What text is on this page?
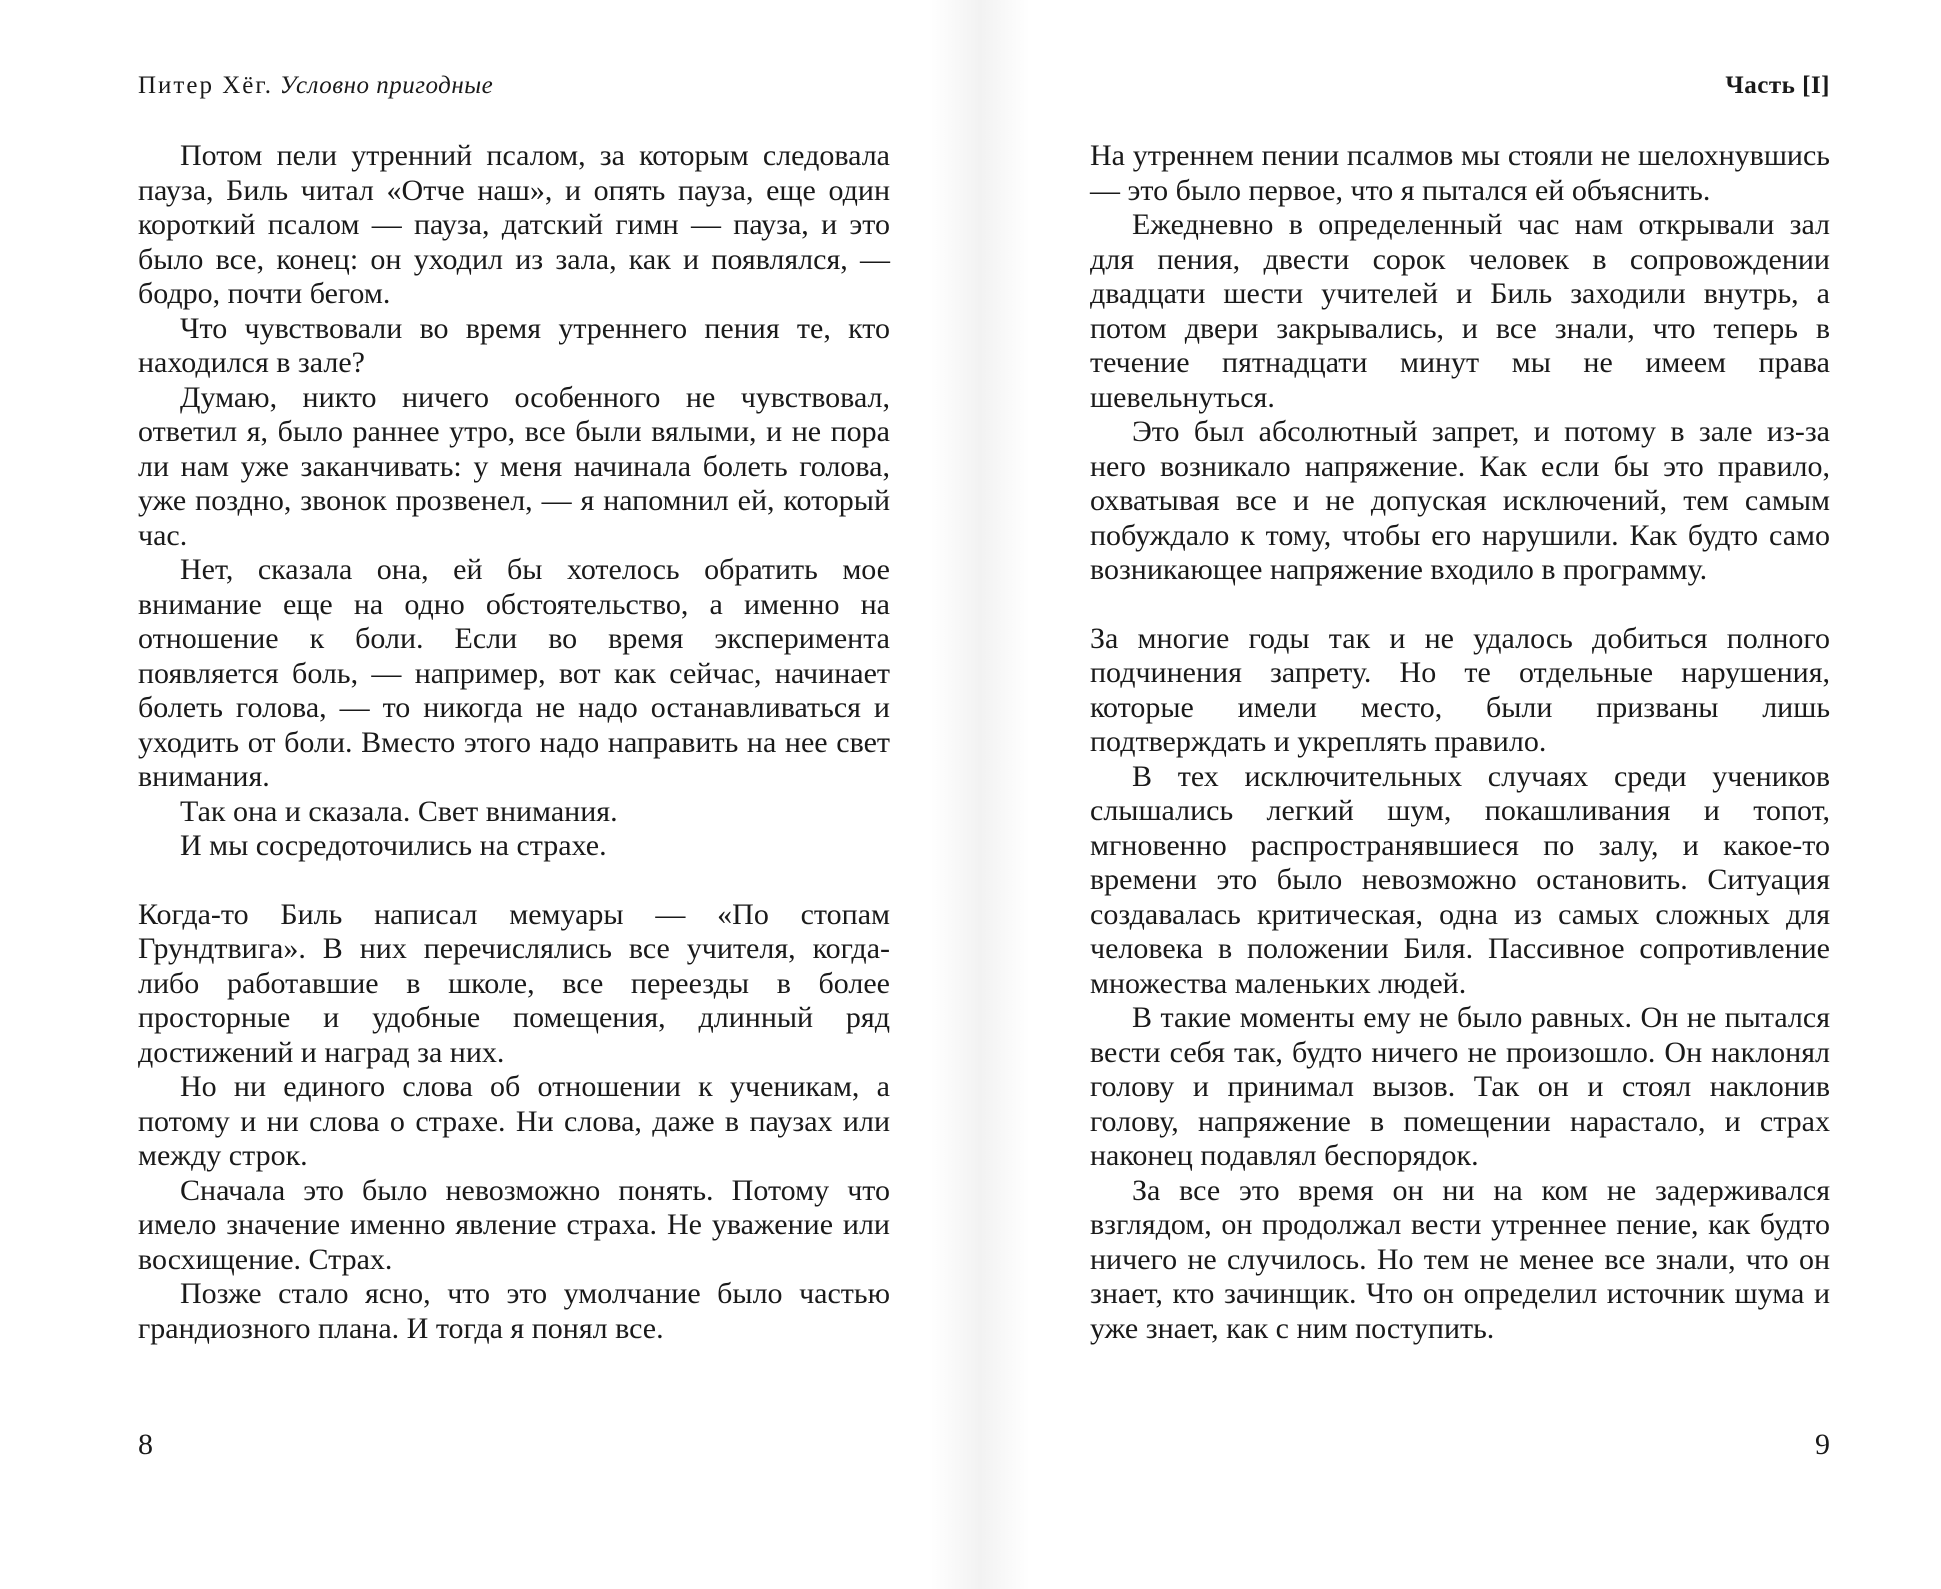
Питер Хёг. Условно пригодные

Потом пели утренний псалом, за которым следовала пауза, Биль читал «Отче наш», и опять пауза, еще один короткий псалом — пауза, датский гимн — пауза, и это было все, конец: он уходил из зала, как и появлялся, — бодро, почти бегом.

Что чувствовали во время утреннего пения те, кто находился в зале?

Думаю, никто ничего особенного не чувствовал, ответил я, было раннее утро, все были вялыми, и не пора ли нам уже заканчивать: у меня начинала болеть голова, уже поздно, звонок прозвенел, — я напомнил ей, который час.

Нет, сказала она, ей бы хотелось обратить мое внимание еще на одно обстоятельство, а именно на отношение к боли. Если во время эксперимента появляется боль, — например, вот как сейчас, начинает болеть голова, — то никогда не надо останавливаться и уходить от боли. Вместо этого надо направить на нее свет внимания.

Так она и сказала. Свет внимания.

И мы сосредоточились на страхе.

Когда-то Биль написал мемуары — «По стопам Грундтвига». В них перечислялись все учителя, когда-либо работавшие в школе, все переезды в более просторные и удобные помещения, длинный ряд достижений и наград за них.

Но ни единого слова об отношении к ученикам, а потому и ни слова о страхе. Ни слова, даже в паузах или между строк.

Сначала это было невозможно понять. Потому что имело значение именно явление страха. Не уважение или восхищение. Страх.

Позже стало ясно, что это умолчание было частью грандиозного плана. И тогда я понял все.

8
Часть [I]

На утреннем пении псалмов мы стояли не шелохнувшись — это было первое, что я пытался ей объяснить.

Ежедневно в определенный час нам открывали зал для пения, двести сорок человек в сопровождении двадцати шести учителей и Биль заходили внутрь, а потом двери закрывались, и все знали, что теперь в течение пятнадцати минут мы не имеем права шевельнуться.

Это был абсолютный запрет, и потому в зале из-за него возникало напряжение. Как если бы это правило, охватывая все и не допуская исключений, тем самым побуждало к тому, чтобы его нарушили. Как будто само возникающее напряжение входило в программу.

За многие годы так и не удалось добиться полного подчинения запрету. Но те отдельные нарушения, которые имели место, были призваны лишь подтверждать и укреплять правило.

В тех исключительных случаях среди учеников слышались легкий шум, покашливания и топот, мгновенно распространявшиеся по залу, и какое-то времени это было невозможно остановить. Ситуация создавалась критическая, одна из самых сложных для человека в положении Биля. Пассивное сопротивление множества маленьких людей.

В такие моменты ему не было равных. Он не пытался вести себя так, будто ничего не произошло. Он наклонял голову и принимал вызов. Так он и стоял наклонив голову, напряжение в помещении нарастало, и страх наконец подавлял беспорядок.

За все это время он ни на ком не задерживался взглядом, он продолжал вести утреннее пение, как будто ничего не случилось. Но тем не менее все знали, что он знает, кто зачинщик. Что он определил источник шума и уже знает, как с ним поступить.

9
